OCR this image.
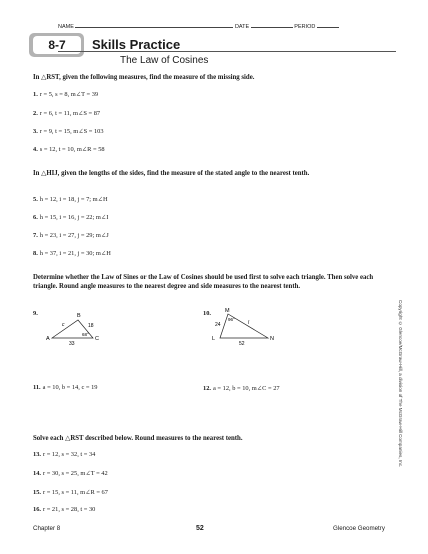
NAME	DATE	PERIOD
8-7	Skills Practice
The Law of Cosines
In △RST, given the following measures, find the measure of the missing side.
1. r = 5, s = 8, m∠T = 39
2. r = 6, t = 11, m∠S = 87
3. r = 9, t = 15, m∠S = 103
4. s = 12, t = 10, m∠R = 58
In △HIJ, given the lengths of the sides, find the measure of the stated angle to the nearest tenth.
5. h = 12, i = 18, j = 7; m∠H
6. h = 15, i = 16, j = 22; m∠I
7. h = 23, i = 27, j = 29; m∠J
8. h = 37, i = 21, j = 30; m∠H
Determine whether the Law of Sines or the Law of Cosines should be used first to solve each triangle. Then solve each triangle. Round angle measures to the nearest degree and side measures to the nearest tenth.
9.	10.
A
B
C
c	18
33
68°
M
L	N
l
24
52
96°
11. a = 10, b = 14, c = 19	12. a = 12, b = 10, m∠C = 27
Solve each △RST described below. Round measures to the nearest tenth.
13. r = 12, s = 32, t = 34
14. r = 30, s = 25, m∠T = 42
15. r = 15, s = 11, m∠R = 67
16. r = 21, s = 28, t = 30
Copyright © Glencoe/McGraw-Hill, a division of The McGraw-Hill Companies, Inc.
Chapter 8	52	Glencoe Geometry
